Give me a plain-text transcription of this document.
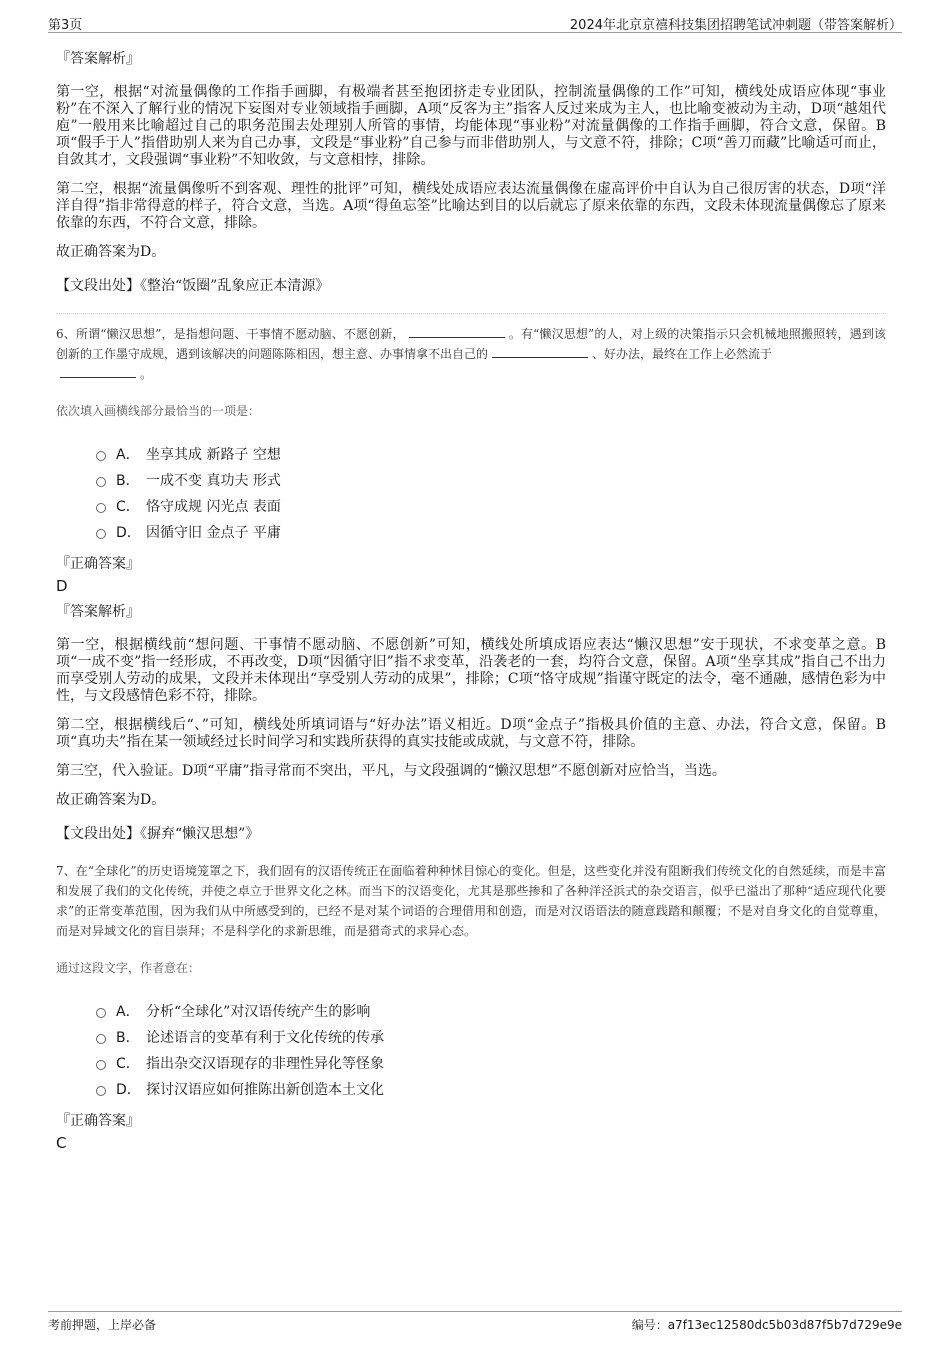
第3页	2024年北京京禧科技集团招聘笔试冲刺题（带答案解析）
『答案解析』

第一空，根据“对流量偶像的工作指手画脚，有极端者甚至抱团挤走专业团队，控制流量偶像的工作”可知，横线处成语应体现“事业粉”在不深入了解行业的情况下妄图对专业领域指手画脚，A项“反客为主”指客人反过来成为主人，也比喻变被动为主动，D项“越俎代庖”一般用来比喻超过自己的职务范围去处理别人所管的事情，均能体现“事业粉”对流量偶像的工作指手画脚，符合文意，保留。B项“假手于人”指借助别人来为自己办事，文段是“事业粉”自己参与而非借助别人，与文意不符，排除；C项“善刀而藏”比喻适可而止，自敛其才，文段强调“事业粉”不知收敛，与文意相悖，排除。

第二空，根据“流量偶像听不到客观、理性的批评”可知，横线处成语应表达流量偶像在虚高评价中自认为自己很厉害的状态，D项“洋洋自得”指非常得意的样子，符合文意，当选。A项“得鱼忘筌”比喻达到目的以后就忘了原来依靠的东西，文段未体现流量偶像忘了原来依靠的东西，不符合文意，排除。

故正确答案为D。

【文段出处】《整治“饭圈”乱象应正本清源》

6、所谓“懒汉思想”，是指想问题、干事情不愿动脑、不愿创新，	。有“懒汉思想”的人，对上级的决策指示只会机械地照搬照转，遇到该创新的工作墨守成规，遇到该解决的问题陈陈相因，想主意、办事情拿不出自己的	、好办法，最终在工作上必然流于
。

依次填入画横线部分最恰当的一项是：
A． 坐享其成 新路子 空想
B． 一成不变 真功夫 形式
C． 恪守成规 闪光点 表面
D． 因循守旧 金点子 平庸
『正确答案』
D
『答案解析』

第一空，根据横线前“想问题、干事情不愿动脑、不愿创新”可知，横线处所填成语应表达“懒汉思想”安于现状，不求变革之意。B项“一成不变”指一经形成，不再改变，D项“因循守旧”指不求变革，沿袭老的一套，均符合文意，保留。A项“坐享其成”指自己不出力而享受别人劳动的成果，文段并未体现出“享受别人劳动的成果”，排除；C项“恪守成规”指谨守既定的法令，毫不通融，感情色彩为中性，与文段感情色彩不符，排除。

第二空，根据横线后“、”可知，横线处所填词语与“好办法”语义相近。D项“金点子”指极具价值的主意、办法，符合文意，保留。B项“真功夫”指在某一领域经过长时间学习和实践所获得的真实技能或成就，与文意不符，排除。

第三空，代入验证。D项“平庸”指寻常而不突出，平凡，与文段强调的“懒汉思想”不愿创新对应恰当，当选。

故正确答案为D。

【文段出处】《摒弃“懒汉思想”》

7、在“全球化”的历史语境笼罩之下，我们固有的汉语传统正在面临着种种怵目惊心的变化。但是，这些变化并没有阻断我们传统文化的自然延续，而是丰富和发展了我们的文化传统，并使之卓立于世界文化之林。而当下的汉语变化，尤其是那些掺和了各种洋泾浜式的杂交语言，似乎已溢出了那种“适应现代化要求”的正常变革范围，因为我们从中所感受到的，已经不是对某个词语的合理借用和创造，而是对汉语语法的随意践踏和颠覆；不是对自身文化的自觉尊重，而是对异域文化的盲目崇拜；不是科学化的求新思维，而是猎奇式的求异心态。

通过这段文字，作者意在：
A． 分析“全球化”对汉语传统产生的影响
B． 论述语言的变革有利于文化传统的传承
C． 指出杂交汉语现存的非理性异化等怪象
D． 探讨汉语应如何推陈出新创造本土文化
『正确答案』
C
考前押题，上岸必备	编号：a7f13ec12580dc5b03d87f5b7d729e9e
